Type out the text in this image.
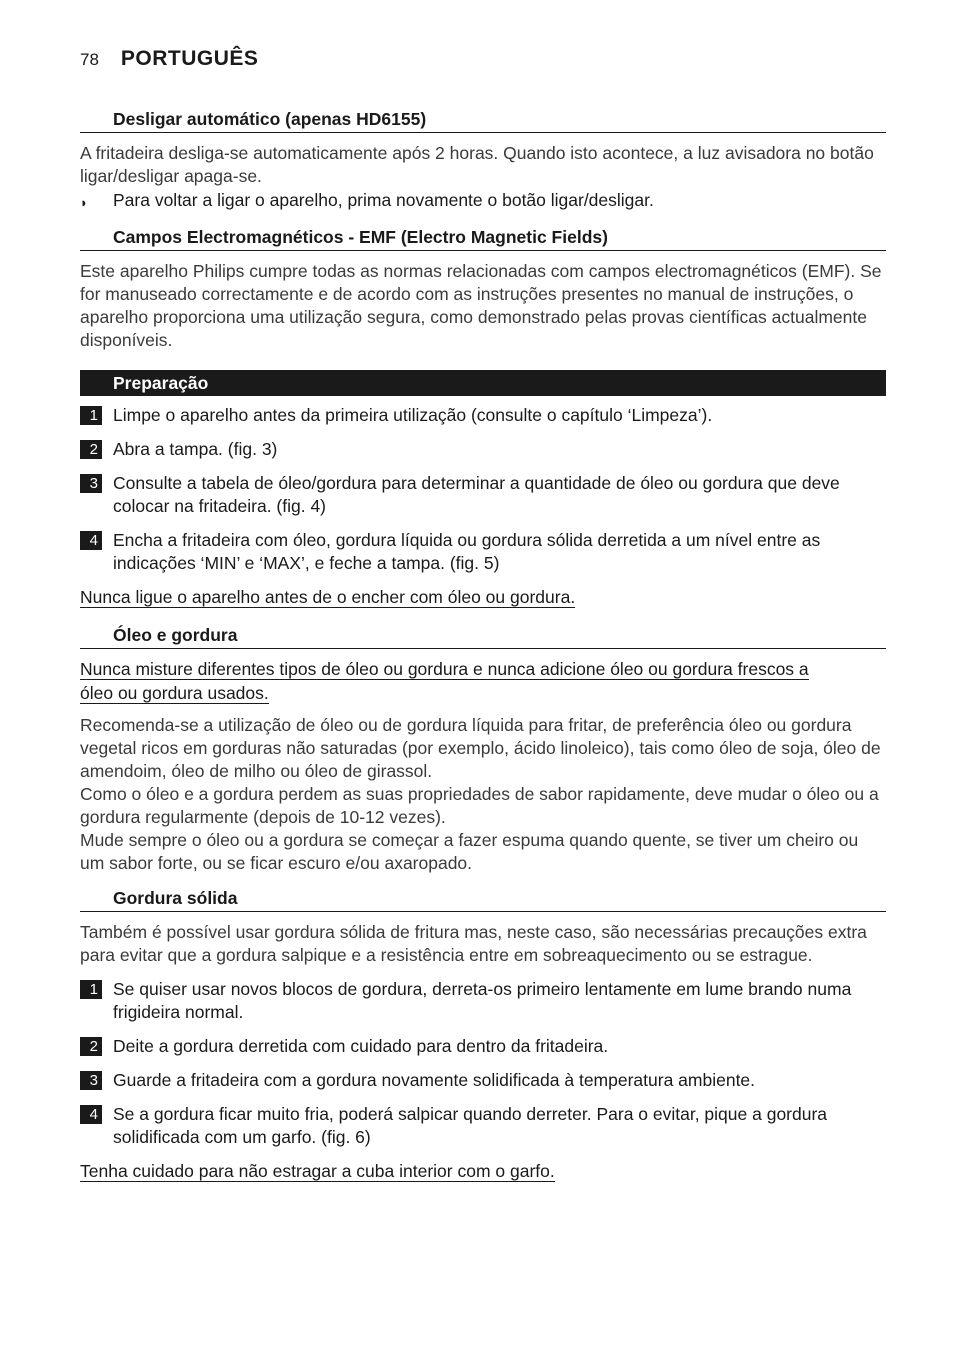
78 PORTUGUÊS
Desligar automático (apenas HD6155)

A fritadeira desliga-se automaticamente após 2 horas. Quando isto acontece, a luz avisadora no botão ligar/desligar apaga-se.

◗	Para voltar a ligar o aparelho, prima novamente o botão ligar/desligar.
Campos Electromagnéticos - EMF (Electro Magnetic Fields)

Este aparelho Philips cumpre todas as normas relacionadas com campos electromagnéticos (EMF). Se for manuseado correctamente e de acordo com as instruções presentes no manual de instruções, o aparelho proporciona uma utilização segura, como demonstrado pelas provas científicas actualmente disponíveis.

Preparação
1 Limpe o aparelho antes da primeira utilização (consulte o capítulo ‘Limpeza’).
2 Abra a tampa. (fig. 3)
3 Consulte a tabela de óleo/gordura para determinar a quantidade de óleo ou gordura que deve colocar na fritadeira. (fig. 4)
4 Encha a fritadeira com óleo, gordura líquida ou gordura sólida derretida a um nível entre as indicações ‘MIN’ e ‘MAX’, e feche a tampa. (fig. 5)
Nunca ligue o aparelho antes de o encher com óleo ou gordura.
Óleo e gordura
Nunca misture diferentes tipos de óleo ou gordura e nunca adicione óleo ou gordura frescos a
óleo ou gordura usados.

Recomenda-se a utilização de óleo ou de gordura líquida para fritar, de preferência óleo ou gordura vegetal ricos em gorduras não saturadas (por exemplo, ácido linoleico), tais como óleo de soja, óleo de amendoim, óleo de milho ou óleo de girassol.

Como o óleo e a gordura perdem as suas propriedades de sabor rapidamente, deve mudar o óleo ou a gordura regularmente (depois de 10-12 vezes).

Mude sempre o óleo ou a gordura se começar a fazer espuma quando quente, se tiver um cheiro ou um sabor forte, ou se ficar escuro e/ou axaropado.

Gordura sólida

Também é possível usar gordura sólida de fritura mas, neste caso, são necessárias precauções extra para evitar que a gordura salpique e a resistência entre em sobreaquecimento ou se estrague.

1 Se quiser usar novos blocos de gordura, derreta-os primeiro lentamente em lume brando numa frigideira normal.
2 Deite a gordura derretida com cuidado para dentro da fritadeira.
3 Guarde a fritadeira com a gordura novamente solidificada à temperatura ambiente.
4 Se a gordura ficar muito fria, poderá salpicar quando derreter. Para o evitar, pique a gordura solidificada com um garfo. (fig. 6)
Tenha cuidado para não estragar a cuba interior com o garfo.
